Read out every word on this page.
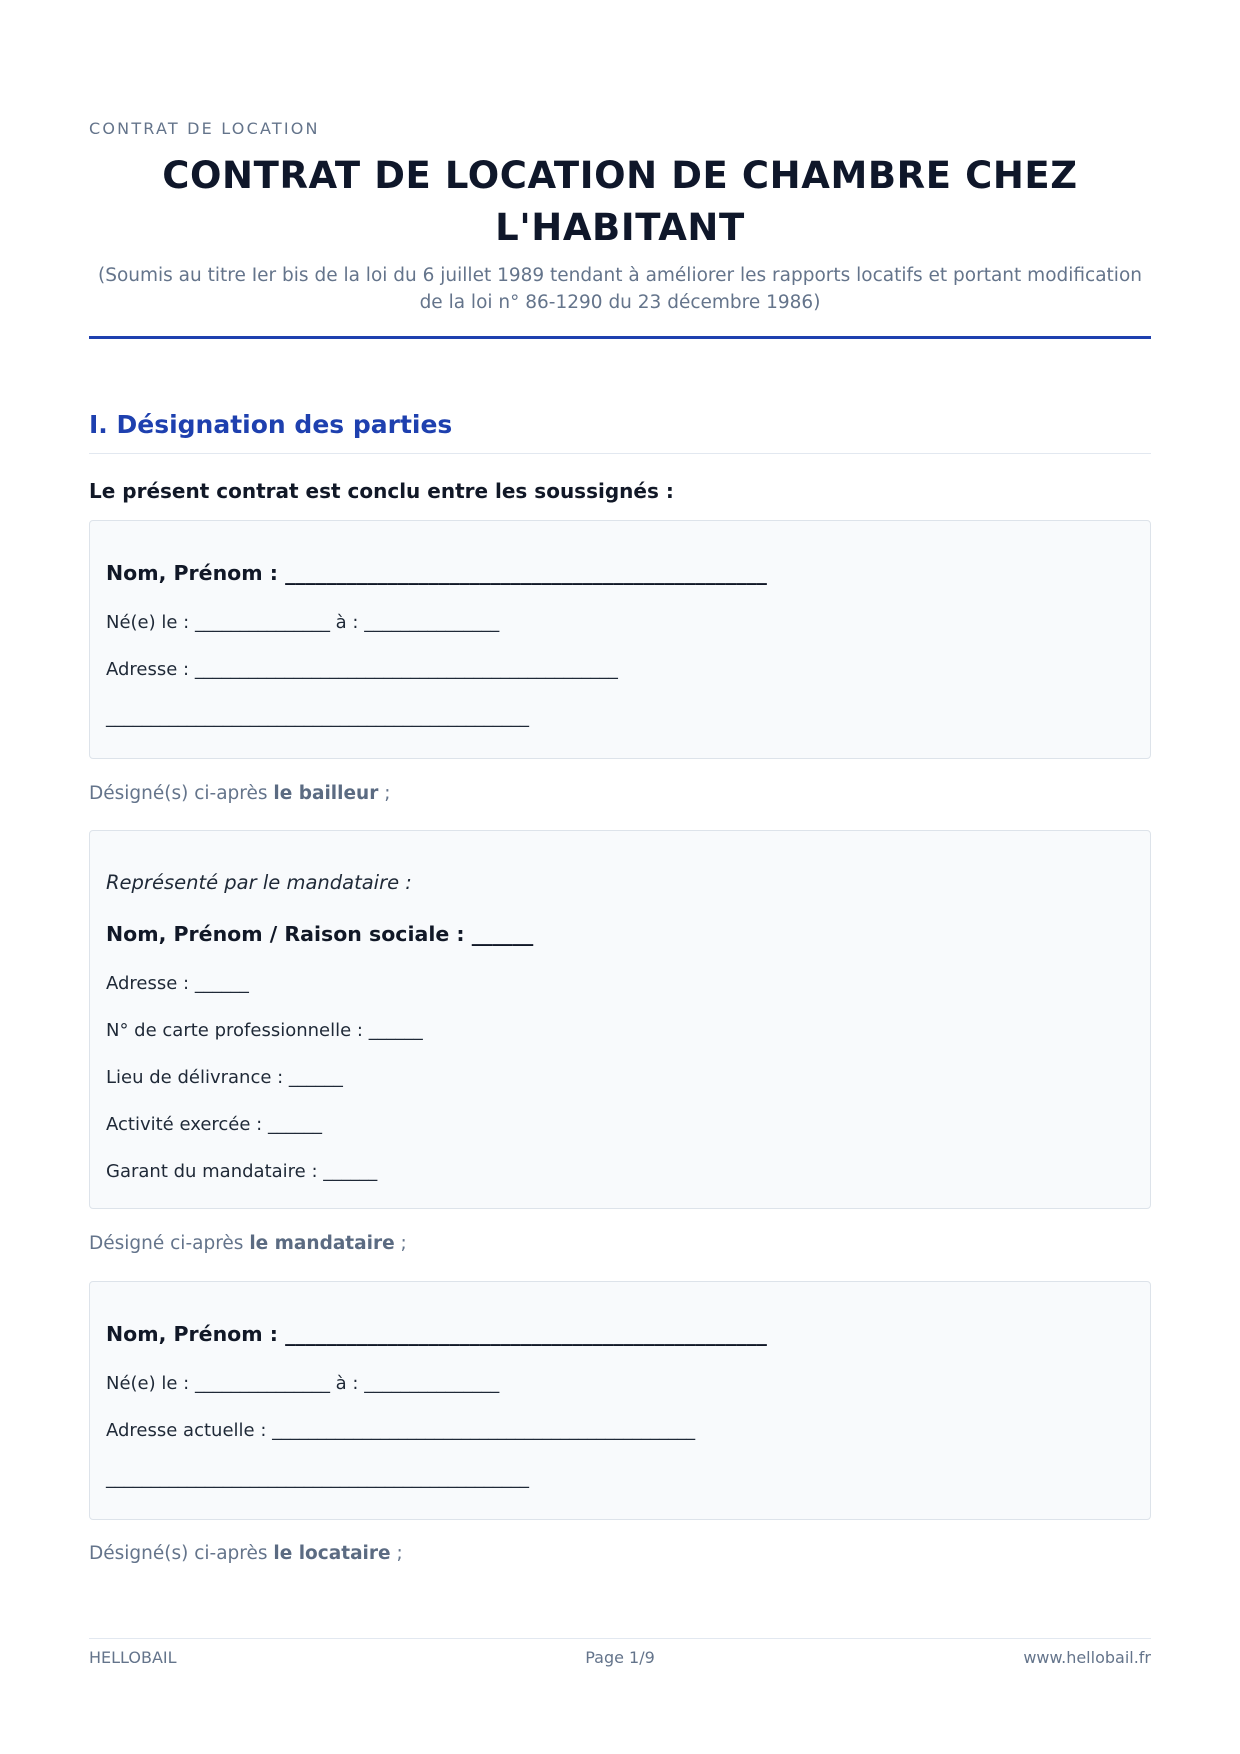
CONTRAT DE LOCATION
CONTRAT DE LOCATION DE CHAMBRE CHEZ L'HABITANT
(Soumis au titre Ier bis de la loi du 6 juillet 1989 tendant à améliorer les rapports locatifs et portant modification de la loi n° 86-1290 du 23 décembre 1986)
I. Désignation des parties
Le présent contrat est conclu entre les soussignés :
Nom, Prénom : _______________________________________________
Né(e) le : _______________ à : _______________
Adresse : _______________________________________________
_______________________________________________
Désigné(s) ci-après le bailleur ;
Représenté par le mandataire :
Nom, Prénom / Raison sociale : ______
Adresse : ______
N° de carte professionnelle : ______
Lieu de délivrance : ______
Activité exercée : ______
Garant du mandataire : ______
Désigné ci-après le mandataire ;
Nom, Prénom : _______________________________________________
Né(e) le : _______________ à : _______________
Adresse actuelle : _______________________________________________
_______________________________________________
Désigné(s) ci-après le locataire ;
HELLOBAIL	Page 1/9	www.hellobail.fr
